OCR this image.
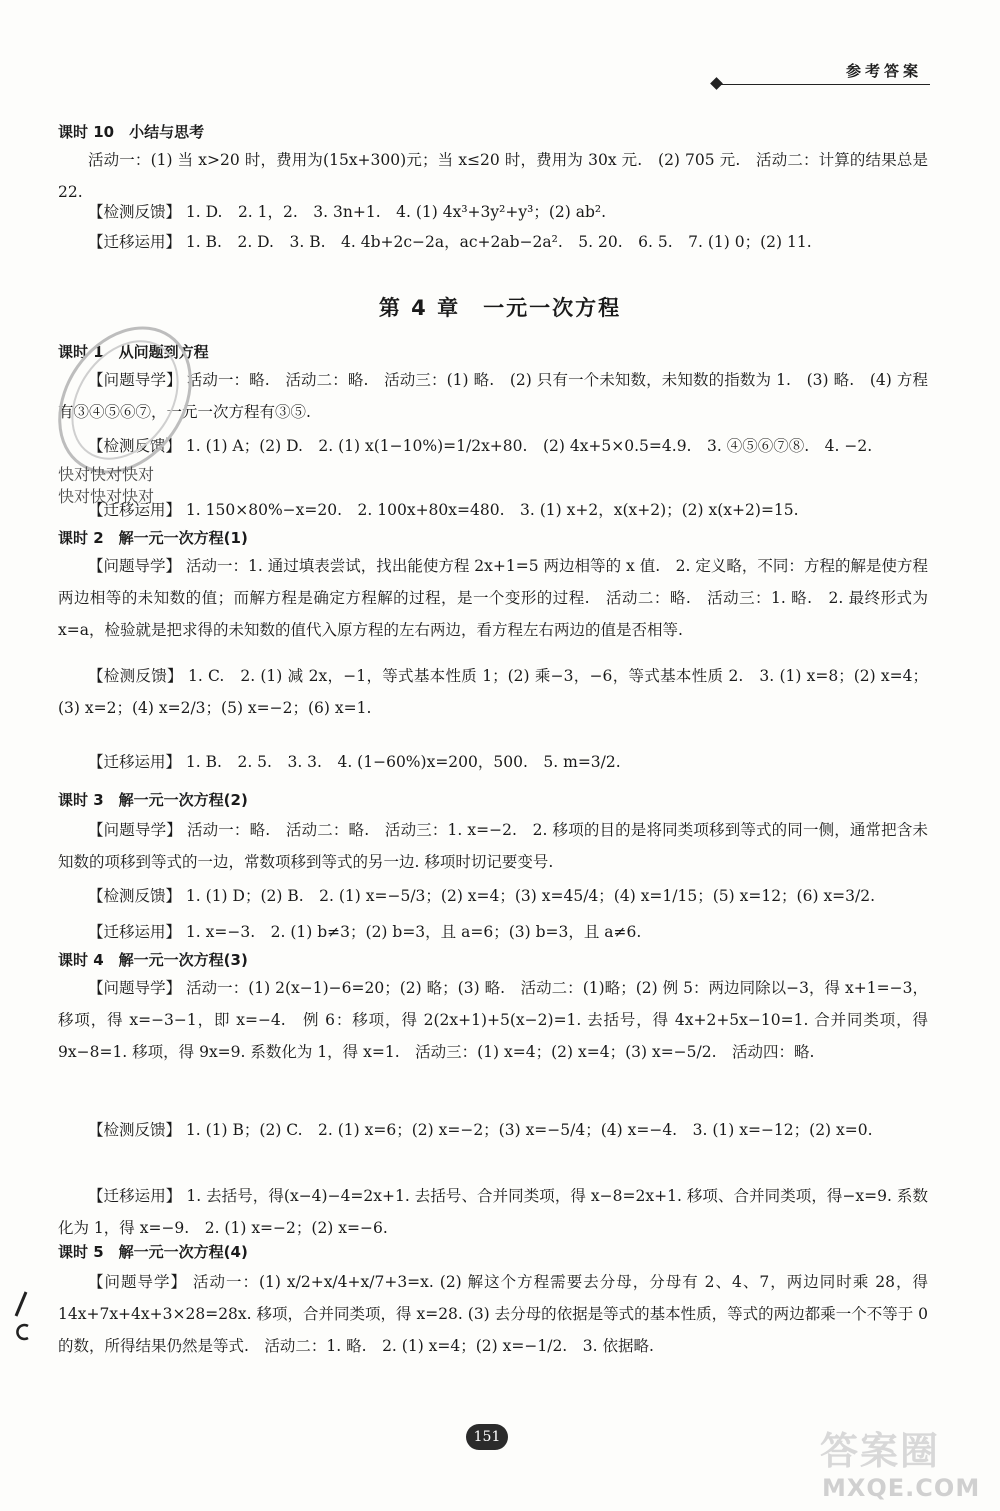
参考答案
课时 10　小结与思考
活动一：(1) 当 x>20 时，费用为(15x+300)元；当 x≤20 时，费用为 30x 元.　(2) 705 元.　活动二：计算的结果总是 22.
【检测反馈】 1. D.　2. 1，2.　3. 3n+1.　4. (1) 4x³+3y²+y³；(2) ab².
【迁移运用】 1. B.　2. D.　3. B.　4. 4b+2c−2a，ac+2ab−2a².　5. 20.　6. 5.　7. (1) 0；(2) 11.
课时 1　从问题到方程
【问题导学】 活动一：略.　活动二：略.　活动三：(1) 略.　(2) 只有一个未知数，未知数的指数为 1.　(3) 略.　(4) 方程有③④⑤⑥⑦，一元一次方程有③⑤.
【检测反馈】 1. (1) A；(2) D.　2. (1) x(1−10%)=1/2x+80.　(2) 4x+5×0.5=4.9.　3. ④⑤⑥⑦⑧.　4. −2.
【迁移运用】 1. 150×80%−x=20.　2. 100x+80x=480.　3. (1) x+2，x(x+2)；(2) x(x+2)=15.
课时 2　解一元一次方程(1)
【问题导学】 活动一：1. 通过填表尝试，找出能使方程 2x+1=5 两边相等的 x 值.　2. 定义略，不同：方程的解是使方程两边相等的未知数的值；而解方程是确定方程解的过程，是一个变形的过程.　活动二：略.　活动三：1. 略.　2. 最终形式为 x=a，检验就是把求得的未知数的值代入原方程的左右两边，看方程左右两边的值是否相等.
【检测反馈】 1. C.　2. (1) 减 2x，−1，等式基本性质 1；(2) 乘−3，−6，等式基本性质 2.　3. (1) x=8；(2) x=4；(3) x=2；(4) x=2/3；(5) x=−2；(6) x=1.
【迁移运用】 1. B.　2. 5.　3. 3.　4. (1−60%)x=200，500.　5. m=3/2.
课时 3　解一元一次方程(2)
【问题导学】 活动一：略.　活动二：略.　活动三：1. x=−2.　2. 移项的目的是将同类项移到等式的同一侧，通常把含未知数的项移到等式的一边，常数项移到等式的另一边. 移项时切记要变号.
【检测反馈】 1. (1) D；(2) B.　2. (1) x=−5/3；(2) x=4；(3) x=45/4；(4) x=1/15；(5) x=12；(6) x=3/2.
【迁移运用】 1. x=−3.　2. (1) b≠3；(2) b=3，且 a=6；(3) b=3，且 a≠6.
课时 4　解一元一次方程(3)
【问题导学】 活动一：(1) 2(x−1)−6=20；(2) 略；(3) 略.　活动二：(1)略；(2) 例 5：两边同除以−3，得 x+1=−3，移项，得 x=−3−1，即 x=−4.　例 6：移项，得 2(2x+1)+5(x−2)=1. 去括号，得 4x+2+5x−10=1. 合并同类项，得 9x−8=1. 移项，得 9x=9. 系数化为 1，得 x=1.　活动三：(1) x=4；(2) x=4；(3) x=−5/2.　活动四：略.
【检测反馈】 1. (1) B；(2) C.　2. (1) x=6；(2) x=−2；(3) x=−5/4；(4) x=−4.　3. (1) x=−12；(2) x=0.
【迁移运用】 1. 去括号，得(x−4)−4=2x+1. 去括号、合并同类项，得 x−8=2x+1. 移项、合并同类项，得−x=9. 系数化为 1，得 x=−9.　2. (1) x=−2；(2) x=−6.
课时 5　解一元一次方程(4)
【问题导学】 活动一：(1) x/2+x/4+x/7+3=x. (2) 解这个方程需要去分母，分母有 2、4、7，两边同时乘 28，得 14x+7x+4x+3×28=28x. 移项，合并同类项，得 x=28. (3) 去分母的依据是等式的基本性质，等式的两边都乘一个不等于 0 的数，所得结果仍然是等式.　活动二：1. 略.　2. (1) x=4；(2) x=−1/2.　3. 依据略.
第 4 章　一元一次方程
快对快对快对
快对快对快对
151	答案圈
MXQE.COM
